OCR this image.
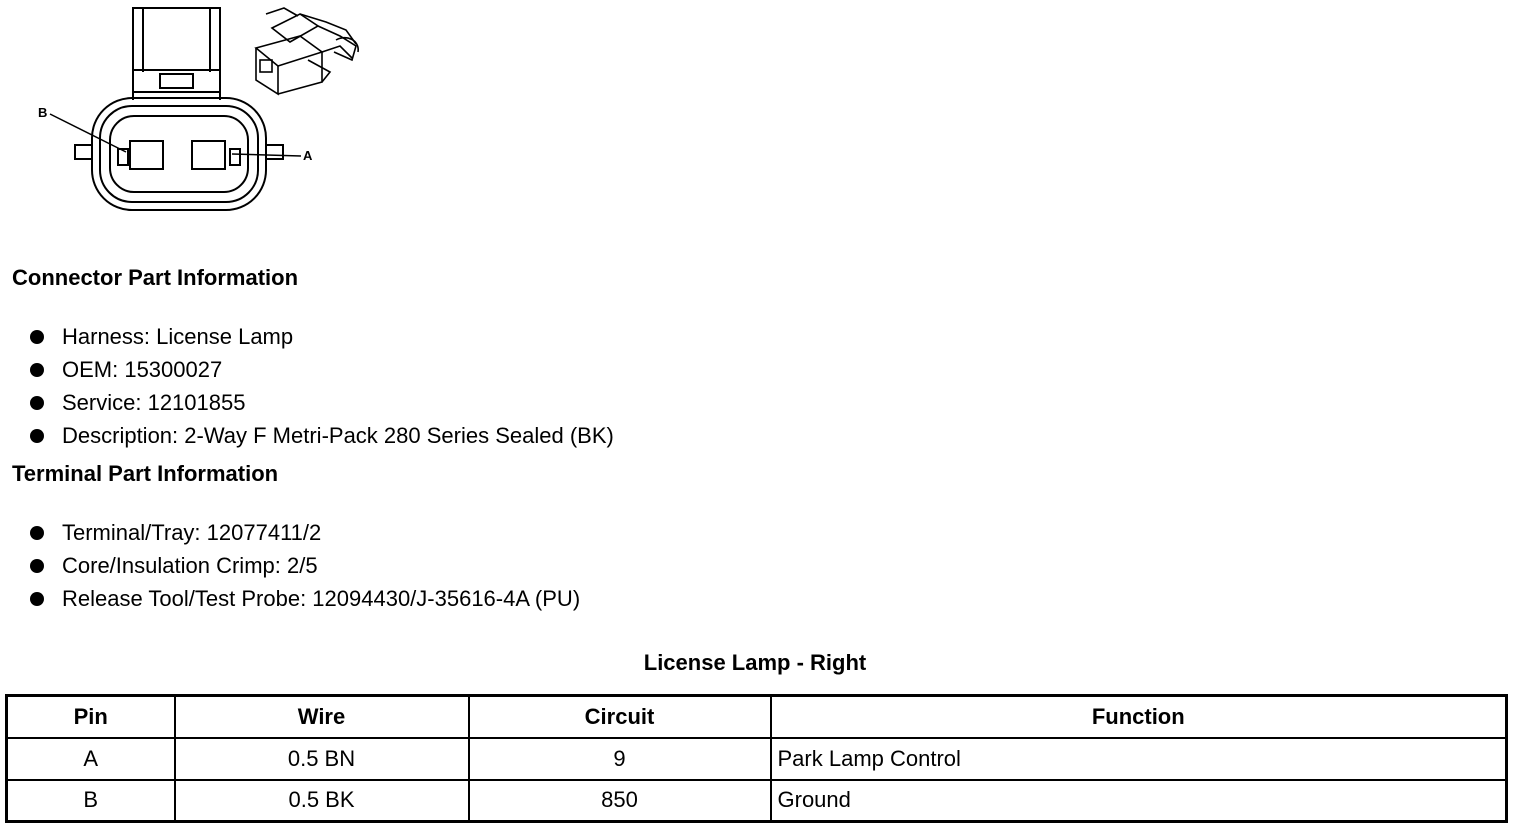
B
A
Connector Part Information
Harness: License Lamp
OEM: 15300027
Service: 12101855
Description: 2-Way F Metri-Pack 280 Series Sealed (BK)
Terminal Part Information
Terminal/Tray: 12077411/2
Core/Insulation Crimp: 2/5
Release Tool/Test Probe: 12094430/J-35616-4A (PU)
License Lamp - Right
Pin	Wire	Circuit	Function
A	0.5 BN	9	Park Lamp Control
B	0.5 BK	850	Ground
